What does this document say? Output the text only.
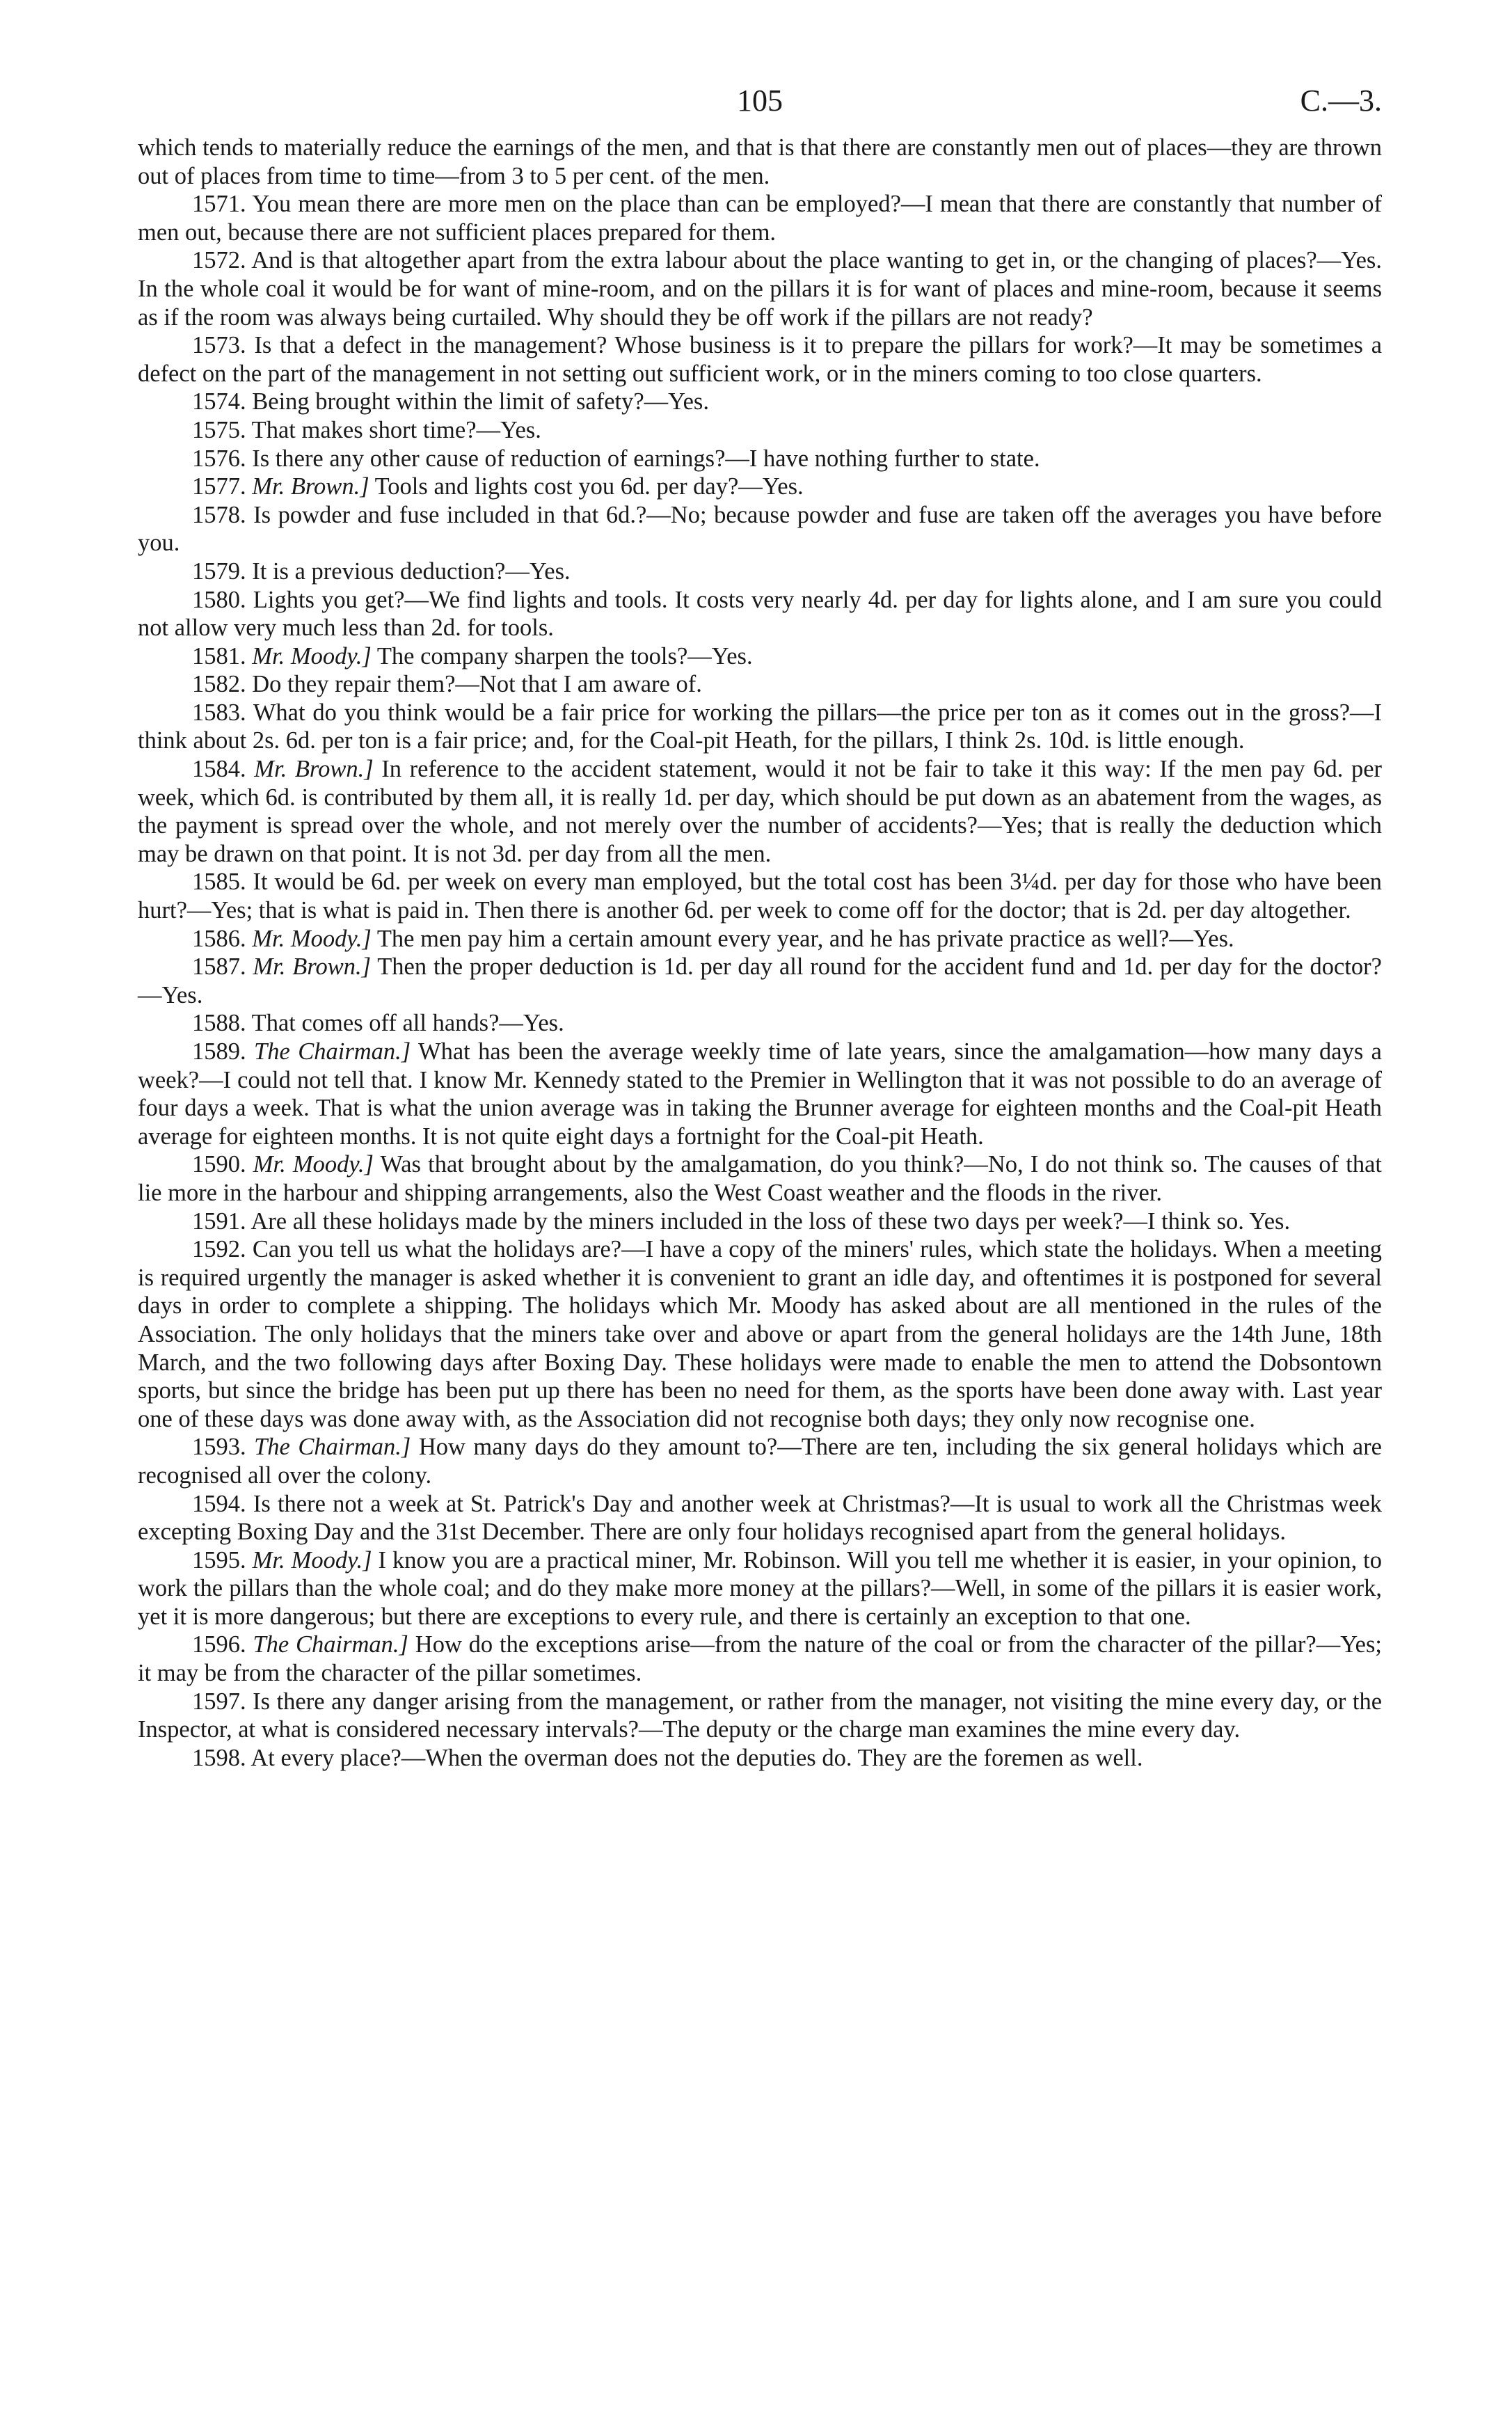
105	C.—3.

which tends to materially reduce the earnings of the men, and that is that there are constantly men out of places—they are thrown out of places from time to time—from 3 to 5 per cent. of the men.

1571. You mean there are more men on the place than can be employed?—I mean that there are constantly that number of men out, because there are not sufficient places prepared for them.

1572. And is that altogether apart from the extra labour about the place wanting to get in, or the changing of places?—Yes. In the whole coal it would be for want of mine-room, and on the pillars it is for want of places and mine-room, because it seems as if the room was always being curtailed. Why should they be off work if the pillars are not ready?

1573. Is that a defect in the management? Whose business is it to prepare the pillars for work?—It may be sometimes a defect on the part of the management in not setting out sufficient work, or in the miners coming to too close quarters.

1574. Being brought within the limit of safety?—Yes.

1575. That makes short time?—Yes.

1576. Is there any other cause of reduction of earnings?—I have nothing further to state.

1577. Mr. Brown.] Tools and lights cost you 6d. per day?—Yes.

1578. Is powder and fuse included in that 6d.?—No; because powder and fuse are taken off the averages you have before you.

1579. It is a previous deduction?—Yes.

1580. Lights you get?—We find lights and tools. It costs very nearly 4d. per day for lights alone, and I am sure you could not allow very much less than 2d. for tools.

1581. Mr. Moody.] The company sharpen the tools?—Yes.

1582. Do they repair them?—Not that I am aware of.

1583. What do you think would be a fair price for working the pillars—the price per ton as it comes out in the gross?—I think about 2s. 6d. per ton is a fair price; and, for the Coal-pit Heath, for the pillars, I think 2s. 10d. is little enough.

1584. Mr. Brown.] In reference to the accident statement, would it not be fair to take it this way: If the men pay 6d. per week, which 6d. is contributed by them all, it is really 1d. per day, which should be put down as an abatement from the wages, as the payment is spread over the whole, and not merely over the number of accidents?—Yes; that is really the deduction which may be drawn on that point. It is not 3d. per day from all the men.

1585. It would be 6d. per week on every man employed, but the total cost has been 3¼d. per day for those who have been hurt?—Yes; that is what is paid in. Then there is another 6d. per week to come off for the doctor; that is 2d. per day altogether.

1586. Mr. Moody.] The men pay him a certain amount every year, and he has private practice as well?—Yes.

1587. Mr. Brown.] Then the proper deduction is 1d. per day all round for the accident fund and 1d. per day for the doctor?—Yes.

1588. That comes off all hands?—Yes.

1589. The Chairman.] What has been the average weekly time of late years, since the amalgamation—how many days a week?—I could not tell that. I know Mr. Kennedy stated to the Premier in Wellington that it was not possible to do an average of four days a week. That is what the union average was in taking the Brunner average for eighteen months and the Coal-pit Heath average for eighteen months. It is not quite eight days a fortnight for the Coal-pit Heath.

1590. Mr. Moody.] Was that brought about by the amalgamation, do you think?—No, I do not think so. The causes of that lie more in the harbour and shipping arrangements, also the West Coast weather and the floods in the river.

1591. Are all these holidays made by the miners included in the loss of these two days per week?—I think so. Yes.

1592. Can you tell us what the holidays are?—I have a copy of the miners' rules, which state the holidays. When a meeting is required urgently the manager is asked whether it is convenient to grant an idle day, and oftentimes it is postponed for several days in order to complete a shipping. The holidays which Mr. Moody has asked about are all mentioned in the rules of the Association. The only holidays that the miners take over and above or apart from the general holidays are the 14th June, 18th March, and the two following days after Boxing Day. These holidays were made to enable the men to attend the Dobsontown sports, but since the bridge has been put up there has been no need for them, as the sports have been done away with. Last year one of these days was done away with, as the Association did not recognise both days; they only now recognise one.

1593. The Chairman.] How many days do they amount to?—There are ten, including the six general holidays which are recognised all over the colony.

1594. Is there not a week at St. Patrick's Day and another week at Christmas?—It is usual to work all the Christmas week excepting Boxing Day and the 31st December. There are only four holidays recognised apart from the general holidays.

1595. Mr. Moody.] I know you are a practical miner, Mr. Robinson. Will you tell me whether it is easier, in your opinion, to work the pillars than the whole coal; and do they make more money at the pillars?—Well, in some of the pillars it is easier work, yet it is more dangerous; but there are exceptions to every rule, and there is certainly an exception to that one.

1596. The Chairman.] How do the exceptions arise—from the nature of the coal or from the character of the pillar?—Yes; it may be from the character of the pillar sometimes.

1597. Is there any danger arising from the management, or rather from the manager, not visiting the mine every day, or the Inspector, at what is considered necessary intervals?—The deputy or the charge man examines the mine every day.

1598. At every place?—When the overman does not the deputies do. They are the foremen as well.
